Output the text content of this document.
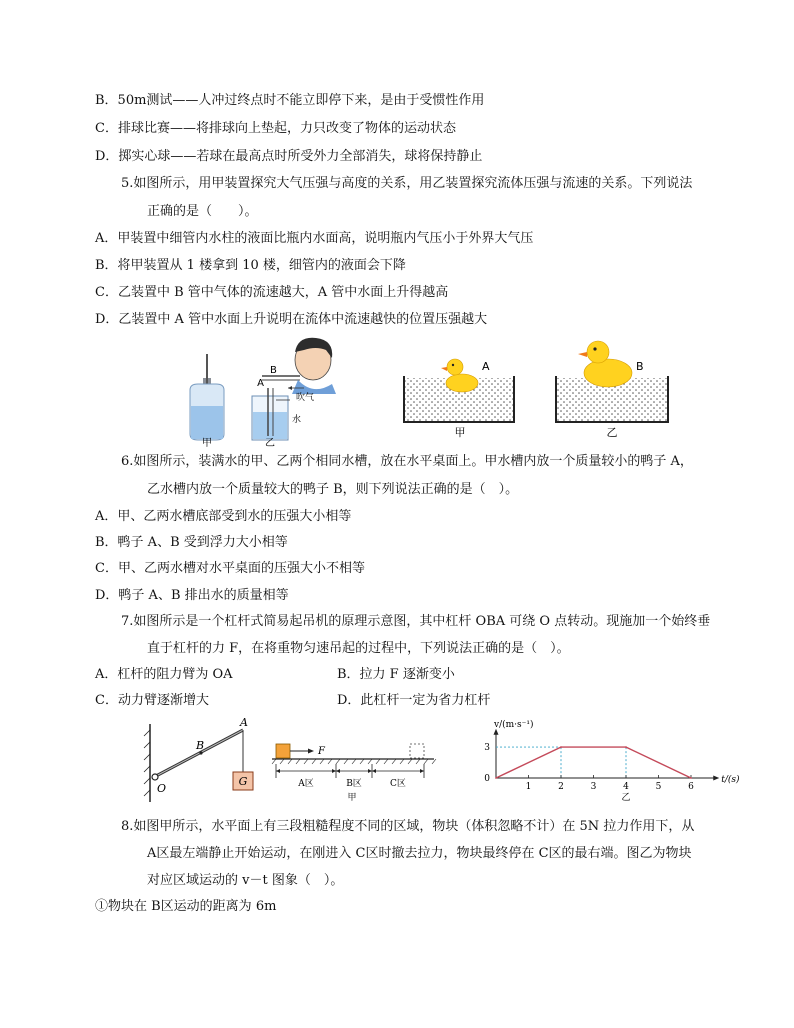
B．50m测试——人冲过终点时不能立即停下来，是由于受惯性作用
C．排球比赛——将排球向上垫起，力只改变了物体的运动状态
D．掷实心球——若球在最高点时所受外力全部消失，球将保持静止
5.如图所示，用甲装置探究大气压强与高度的关系，用乙装置探究流体压强与流速的关系。下列说法
正确的是（　　）。
A．甲装置中细管内水柱的液面比瓶内水面高，说明瓶内气压小于外界大气压
B．将甲装置从 1 楼拿到 10 楼，细管内的液面会下降
C．乙装置中 B 管中气体的流速越大，A 管中水面上升得越高
D．乙装置中 A 管中水面上升说明在流体中流速越快的位置压强越大
甲	乙
A
B
吹气
水
A	B
甲	乙
6.如图所示，装满水的甲、乙两个相同水槽，放在水平桌面上。甲水槽内放一个质量较小的鸭子 A，
乙水槽内放一个质量较大的鸭子 B，则下列说法正确的是（　）。
A．甲、乙两水槽底部受到水的压强大小相等
B．鸭子 A、B 受到浮力大小相等
C．甲、乙两水槽对水平桌面的压强大小不相等
D．鸭子 A、B 排出水的质量相等
7.如图所示是一个杠杆式简易起吊机的原理示意图，其中杠杆 OBA 可绕 O 点转动。现施加一个始终垂
直于杠杆的力 F，在将重物匀速吊起的过程中，下列说法正确的是（　）。
A．杠杆的阻力臂为 OA	B．拉力 F 逐渐变小
C．动力臂逐渐增大	D．此杠杆一定为省力杠杆
G
A
B
O
F
A区	B区	C区
甲
1	2	3	4	5	6
0
3
v/(m·s⁻¹)
t/(s)
乙
8.如图甲所示，水平面上有三段粗糙程度不同的区域，物块（体积忽略不计）在 5N 拉力作用下，从
A区最左端静止开始运动，在刚进入 C区时撤去拉力，物块最终停在 C区的最右端。图乙为物块
对应区域运动的 v－t 图象（　）。
①物块在 B区运动的距离为 6m
